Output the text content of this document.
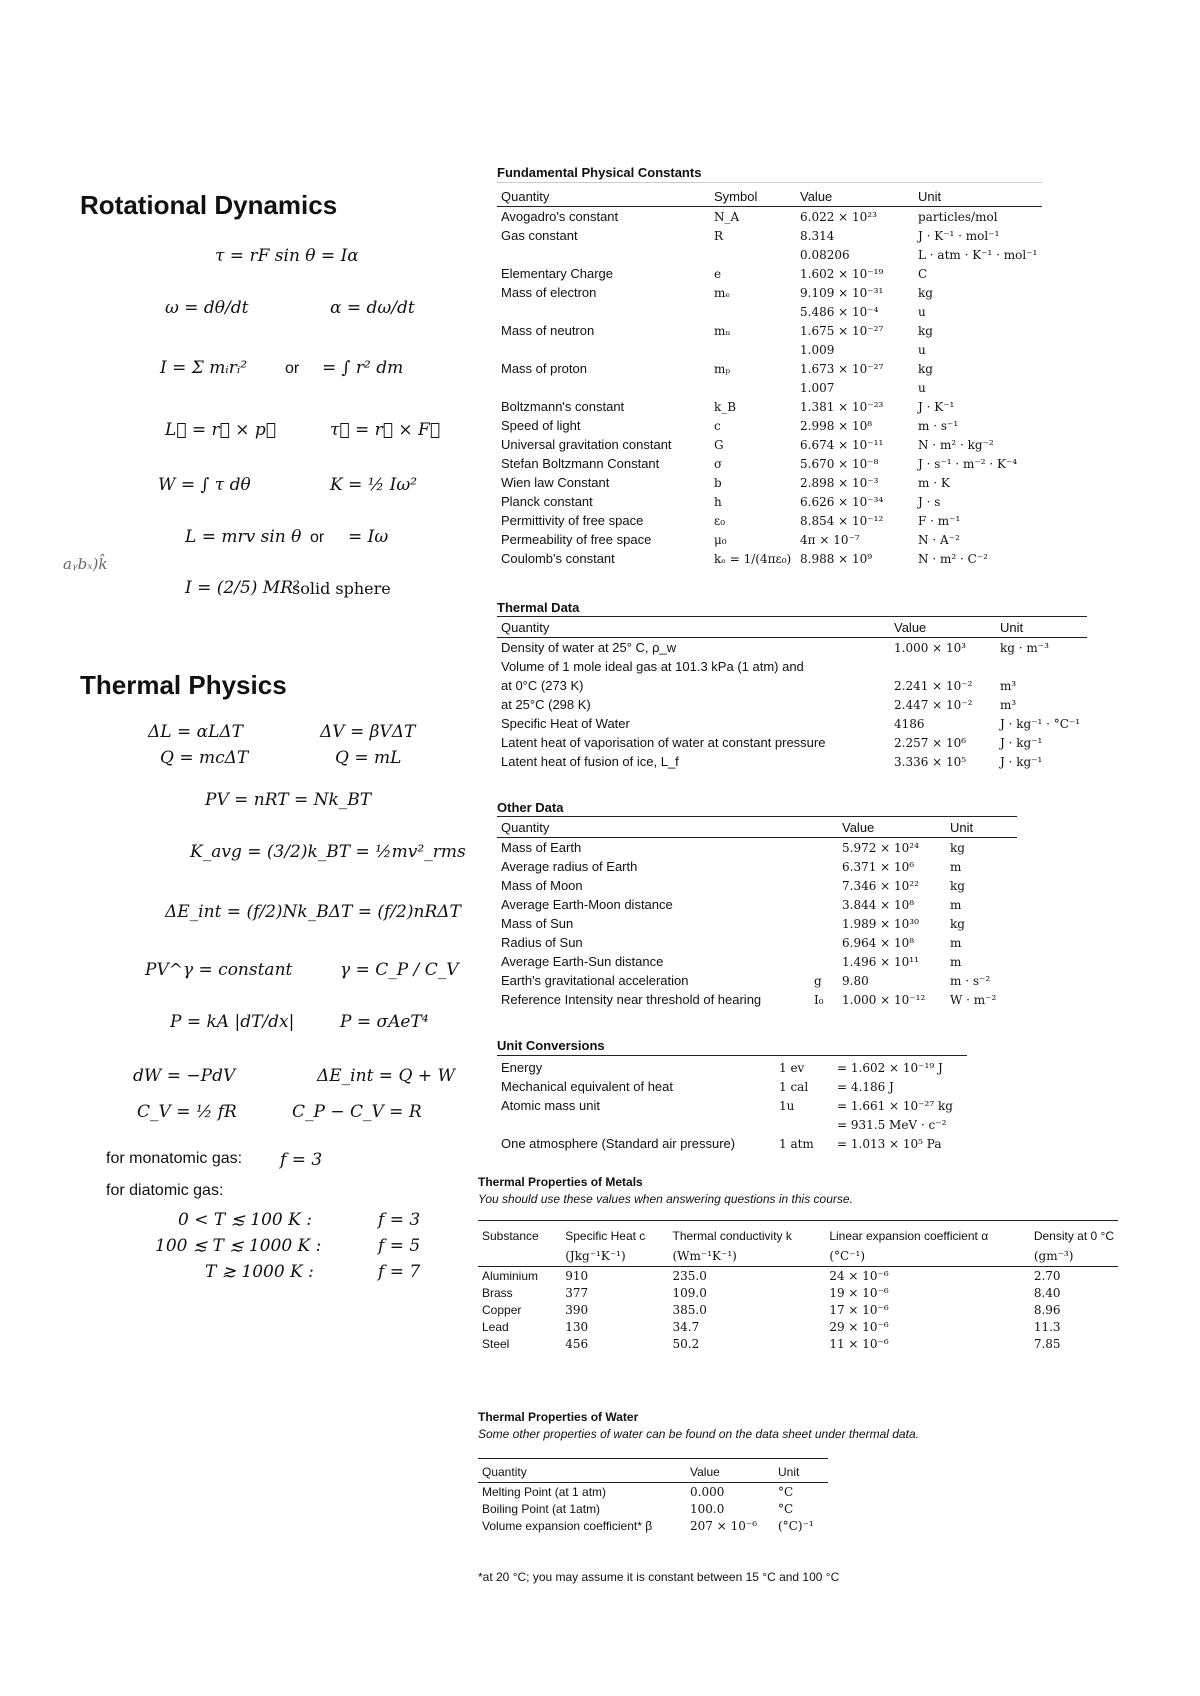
Rotational Dynamics
τ = rF sin θ = Iα
ω = dθ/dt	α = dω/dt
I = Σ mᵢrᵢ² or = ∫ r² dm
L⃗ = r⃗ × p⃗	τ⃗ = r⃗ × F⃗
W = ∫ τ dθ	K = ½ Iω²
L = mrv sin θ or = Iω
aᵧbₓ)k̂
I = (2/5) MR²
solid sphere
Thermal Physics
ΔL = αLΔT	ΔV = βVΔT
Q = mcΔT	Q = mL
PV = nRT = Nk_BT
K_avg = (3/2)k_BT = ½mv²_rms
ΔE_int = (f/2)Nk_BΔT = (f/2)nRΔT
PV^γ = constant	γ = C_P / C_V
P = kA |dT/dx|	P = σAeT⁴
dW = −PdV	ΔE_int = Q + W
C_V = ½ fR	C_P − C_V = R
for monatomic gas: f = 3
for diatomic gas:
0 < T ≲ 100 K :	f = 3
100 ≲ T ≲ 1000 K :	f = 5
T ≳ 1000 K :	f = 7
Fundamental Physical Constants
Quantity	Symbol	Value	Unit
Avogadro's constant	N_A	6.022 × 10²³	particles/mol
Gas constant	R	8.314	J · K⁻¹ · mol⁻¹
		0.08206	L · atm · K⁻¹ · mol⁻¹
Elementary Charge	e	1.602 × 10⁻¹⁹	C
Mass of electron	mₑ	9.109 × 10⁻³¹	kg
		5.486 × 10⁻⁴	u
Mass of neutron	mₙ	1.675 × 10⁻²⁷	kg
		1.009	u
Mass of proton	mₚ	1.673 × 10⁻²⁷	kg
		1.007	u
Boltzmann's constant	k_B	1.381 × 10⁻²³	J · K⁻¹
Speed of light	c	2.998 × 10⁸	m · s⁻¹
Universal gravitation constant	G	6.674 × 10⁻¹¹	N · m² · kg⁻²
Stefan Boltzmann Constant	σ	5.670 × 10⁻⁸	J · s⁻¹ · m⁻² · K⁻⁴
Wien law Constant	b	2.898 × 10⁻³	m · K
Planck constant	h	6.626 × 10⁻³⁴	J · s
Permittivity of free space	ε₀	8.854 × 10⁻¹²	F · m⁻¹
Permeability of free space	μ₀	4π × 10⁻⁷	N · A⁻²
Coulomb's constant	kₑ = 1/(4πε₀)	8.988 × 10⁹	N · m² · C⁻²
Thermal Data
Quantity	Value	Unit
Density of water at 25° C, ρ_w	1.000 × 10³	kg · m⁻³
Volume of 1 mole ideal gas at 101.3 kPa (1 atm) and		
at 0°C (273 K)	2.241 × 10⁻²	m³
at 25°C (298 K)	2.447 × 10⁻²	m³
Specific Heat of Water	4186	J · kg⁻¹ · °C⁻¹
Latent heat of vaporisation of water at constant pressure	2.257 × 10⁶	J · kg⁻¹
Latent heat of fusion of ice, L_f	3.336 × 10⁵	J · kg⁻¹
Other Data
Quantity		Value	Unit
Mass of Earth		5.972 × 10²⁴	kg
Average radius of Earth		6.371 × 10⁶	m
Mass of Moon		7.346 × 10²²	kg
Average Earth-Moon distance		3.844 × 10⁸	m
Mass of Sun		1.989 × 10³⁰	kg
Radius of Sun		6.964 × 10⁸	m
Average Earth-Sun distance		1.496 × 10¹¹	m
Earth's gravitational acceleration	g	9.80	m · s⁻²
Reference Intensity near threshold of hearing	I₀	1.000 × 10⁻¹²	W · m⁻²
Unit Conversions
Energy	1 ev	= 1.602 × 10⁻¹⁹ J
Mechanical equivalent of heat	1 cal	= 4.186 J
Atomic mass unit	1u	= 1.661 × 10⁻²⁷ kg
		= 931.5 MeV · c⁻²
One atmosphere (Standard air pressure)	1 atm	= 1.013 × 10⁵ Pa
Thermal Properties of Metals
You should use these values when answering questions in this course.
Substance	Specific Heat c	Thermal conductivity k	Linear expansion coefficient α	Density at 0 °C
	(Jkg⁻¹K⁻¹)	(Wm⁻¹K⁻¹)	(°C⁻¹)	(gm⁻³)
Aluminium	910	235.0	24 × 10⁻⁶	2.70
Brass	377	109.0	19 × 10⁻⁶	8.40
Copper	390	385.0	17 × 10⁻⁶	8.96
Lead	130	34.7	29 × 10⁻⁶	11.3
Steel	456	50.2	11 × 10⁻⁶	7.85
Thermal Properties of Water
Some other properties of water can be found on the data sheet under thermal data.
Quantity	Value	Unit
Melting Point (at 1 atm)	0.000	°C
Boiling Point (at 1atm)	100.0	°C
Volume expansion coefficient* β	207 × 10⁻⁶	(°C)⁻¹
*at 20 °C; you may assume it is constant between 15 °C and 100 °C
